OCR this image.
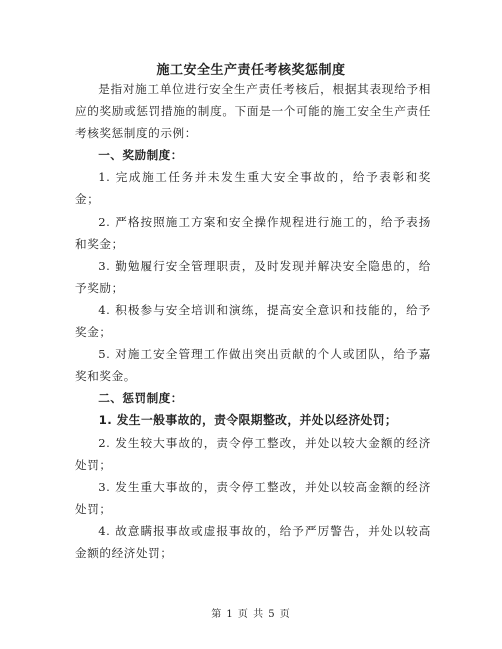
施工安全生产责任考核奖惩制度

是指对施工单位进行安全生产责任考核后，根据其表现给予相应的奖励或惩罚措施的制度。下面是一个可能的施工安全生产责任考核奖惩制度的示例：

一、奖励制度：

1. 完成施工任务并未发生重大安全事故的，给予表彰和奖金；

2. 严格按照施工方案和安全操作规程进行施工的，给予表扬和奖金；

3. 勤勉履行安全管理职责，及时发现并解决安全隐患的，给予奖励；

4. 积极参与安全培训和演练，提高安全意识和技能的，给予奖金；

5. 对施工安全管理工作做出突出贡献的个人或团队，给予嘉奖和奖金。

二、惩罚制度：

1. 发生一般事故的，责令限期整改，并处以经济处罚；

2. 发生较大事故的，责令停工整改，并处以较大金额的经济处罚；

3. 发生重大事故的，责令停工整改，并处以较高金额的经济处罚；

4. 故意瞒报事故或虚报事故的，给予严厉警告，并处以较高金额的经济处罚；

第 1 页 共 5 页
